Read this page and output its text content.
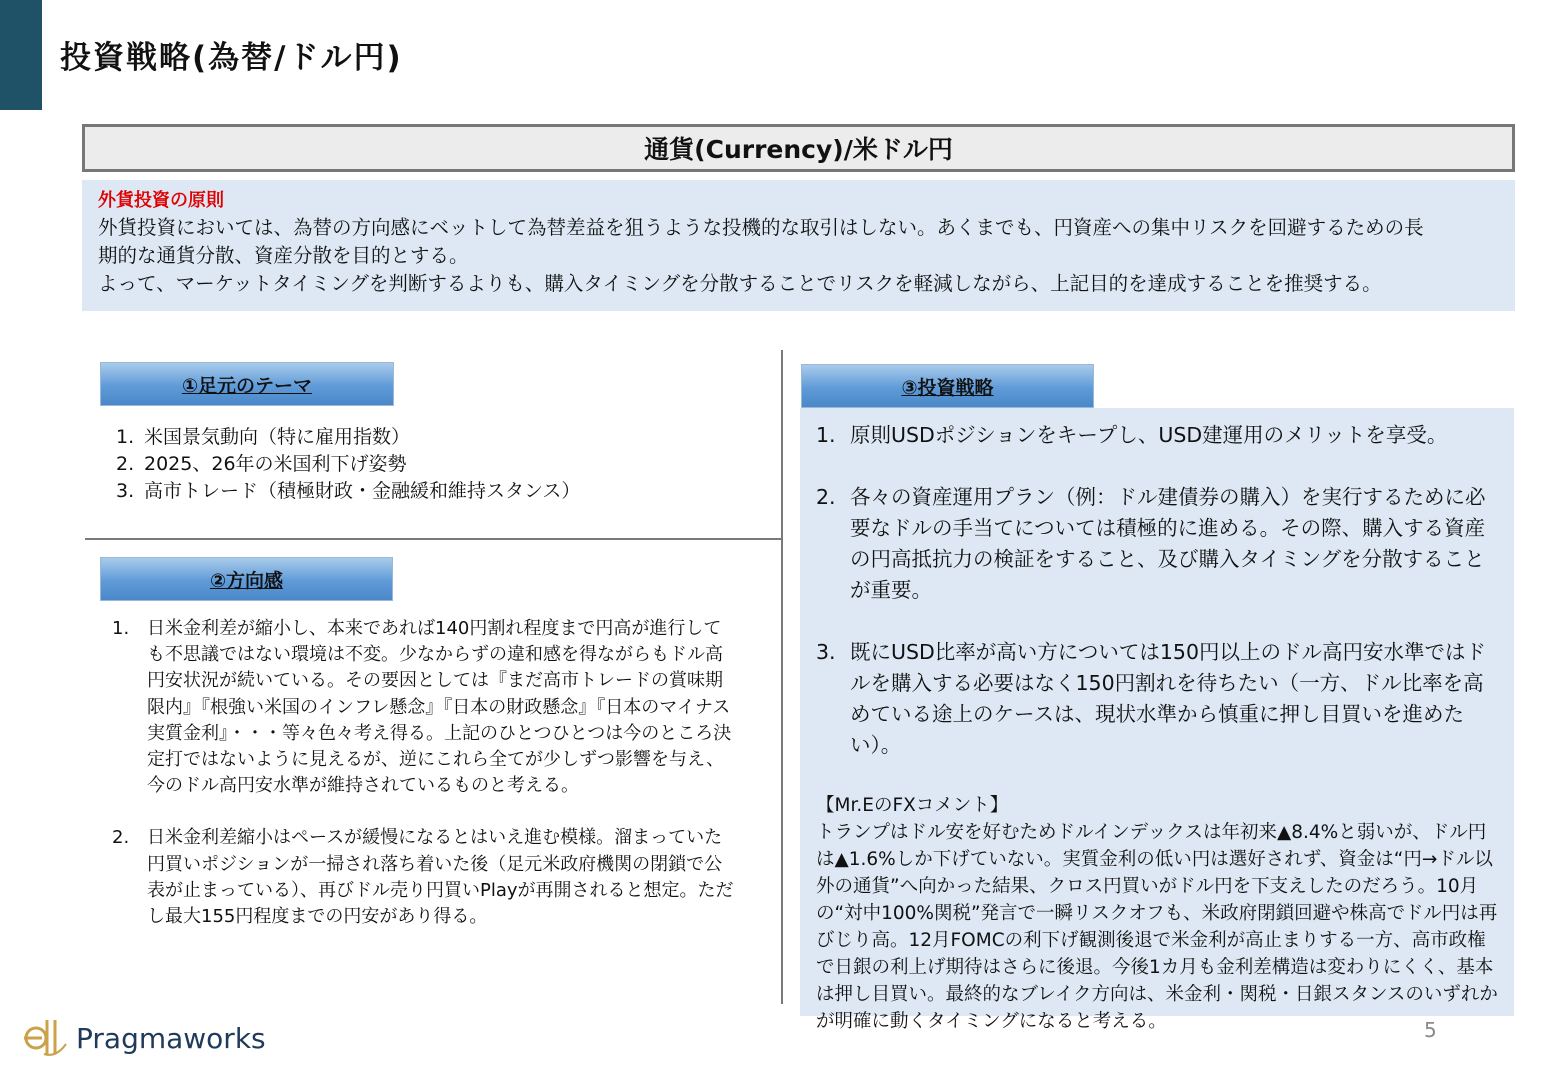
投資戦略(為替/ドル円)
通貨(Currency)/米ドル円
外貨投資の原則
外貨投資においては、為替の方向感にベットして為替差益を狙うような投機的な取引はしない。あくまでも、円資産への集中リスクを回避するための長
期的な通貨分散、資産分散を目的とする。
よって、マーケットタイミングを判断するよりも、購入タイミングを分散することでリスクを軽減しながら、上記目的を達成することを推奨する。
①足元のテーマ
1. 米国景気動向（特に雇用指数）
2. 2025、26年の米国利下げ姿勢
3. 高市トレード（積極財政・金融緩和維持スタンス）
②方向感
1. 日米金利差が縮小し、本来であれば140円割れ程度まで円高が進行しても不思議ではない環境は不変。少なからずの違和感を得ながらもドル高円安状況が続いている。その要因としては『まだ高市トレードの賞味期限内』『根強い米国のインフレ懸念』『日本の財政懸念』『日本のマイナス実質金利』・・・等々色々考え得る。上記のひとつひとつは今のところ決定打ではないように見えるが、逆にこれら全てが少しずつ影響を与え、今のドル高円安水準が維持されているものと考える。
2. 日米金利差縮小はペースが緩慢になるとはいえ進む模様。溜まっていた円買いポジションが一掃され落ち着いた後（足元米政府機関の閉鎖で公表が止まっている）、再びドル売り円買いPlayが再開されると想定。ただし最大155円程度までの円安があり得る。
③投資戦略
1. 原則USDポジションをキープし、USD建運用のメリットを享受。
2. 各々の資産運用プラン（例：ドル建債券の購入）を実行するために必要なドルの手当てについては積極的に進める。その際、購入する資産の円高抵抗力の検証をすること、及び購入タイミングを分散することが重要。
3. 既にUSD比率が高い方については150円以上のドル高円安水準ではドルを購入する必要はなく150円割れを待ちたい（一方、ドル比率を高めている途上のケースは、現状水準から慎重に押し目買いを進めたい）。
【Mr.EのFXコメント】
トランプはドル安を好むためドルインデックスは年初来▲8.4%と弱いが、ドル円は▲1.6%しか下げていない。実質金利の低い円は選好されず、資金は“円→ドル以外の通貨”へ向かった結果、クロス円買いがドル円を下支えしたのだろう。10月の“対中100%関税”発言で一瞬リスクオフも、米政府閉鎖回避や株高でドル円は再びじり高。12月FOMCの利下げ観測後退で米金利が高止まりする一方、高市政権で日銀の利上げ期待はさらに後退。今後1カ月も金利差構造は変わりにくく、基本は押し目買い。最終的なブレイク方向は、米金利・関税・日銀スタンスのいずれかが明確に動くタイミングになると考える。
Pragmaworks	5
